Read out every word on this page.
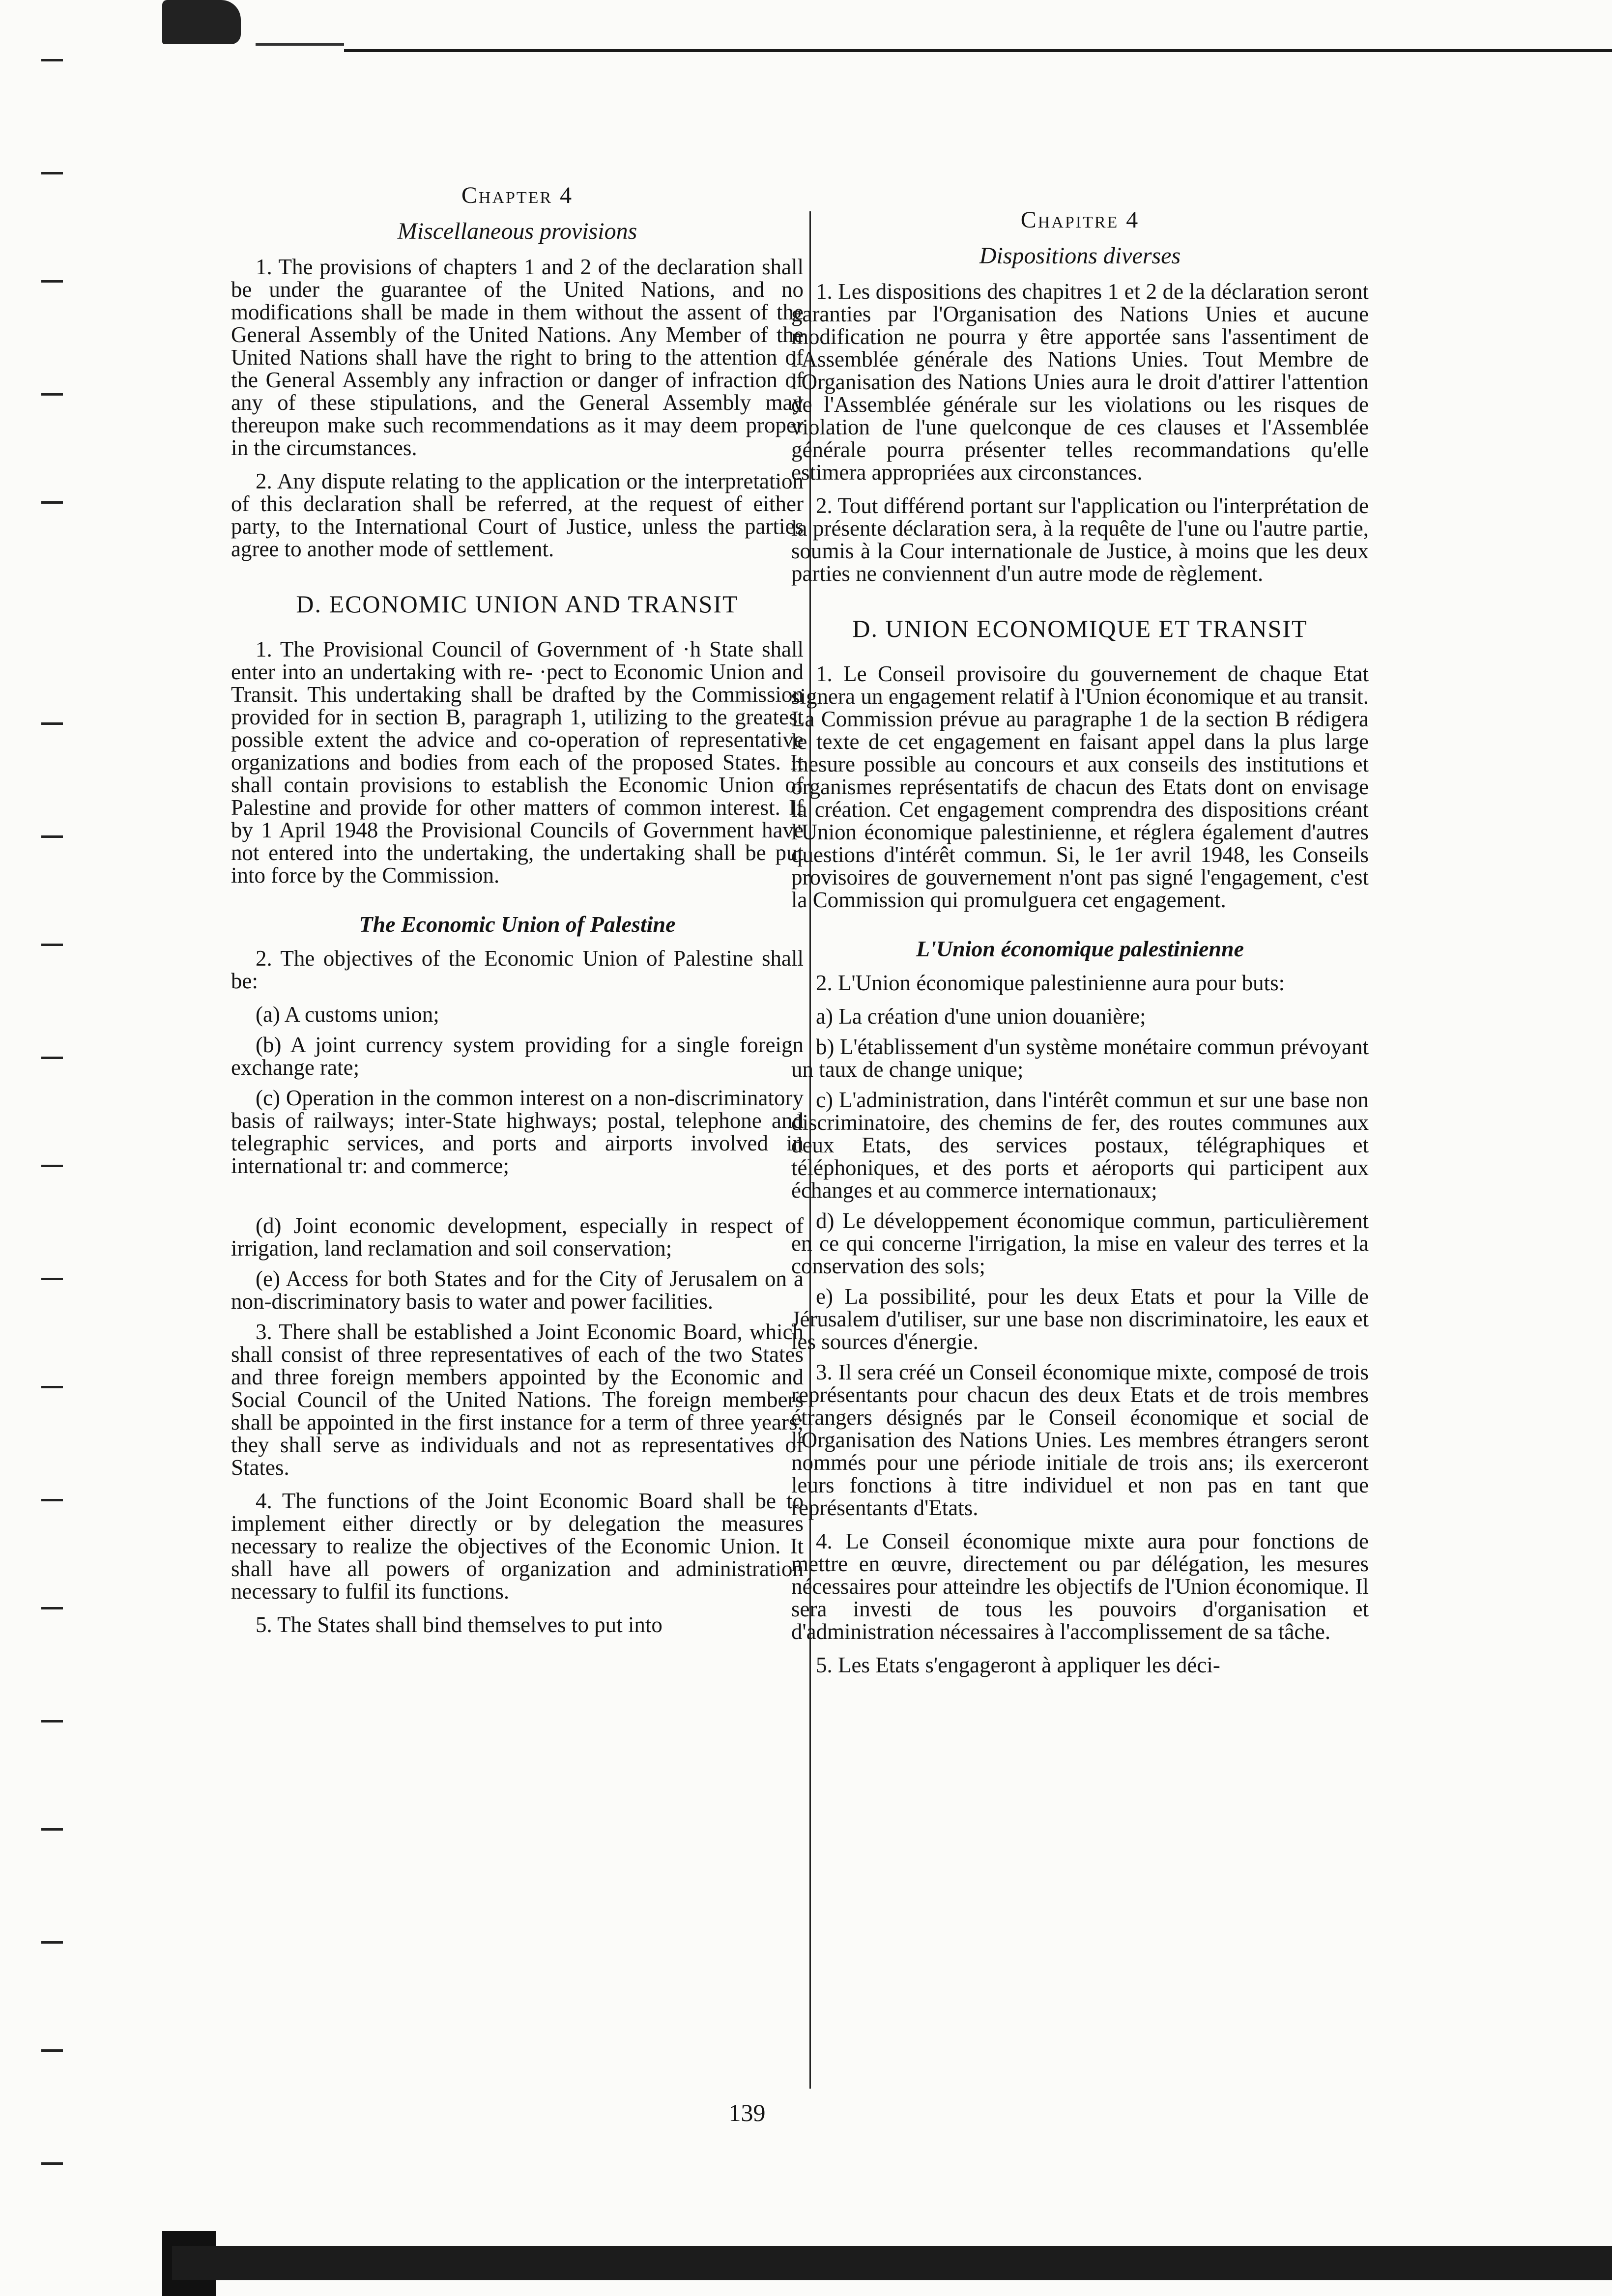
Chapter 4
Miscellaneous provisions

1. The provisions of chapters 1 and 2 of the declaration shall be under the guarantee of the United Nations, and no modifications shall be made in them without the assent of the General Assembly of the United Nations. Any Member of the United Nations shall have the right to bring to the attention of the General Assembly any infraction or danger of infraction of any of these stipulations, and the General Assembly may thereupon make such recommendations as it may deem proper in the circumstances.

2. Any dispute relating to the application or the interpretation of this declaration shall be referred, at the request of either party, to the International Court of Justice, unless the parties agree to another mode of settlement.

D. ECONOMIC UNION AND TRANSIT

1. The Provisional Council of Government of ·h State shall enter into an undertaking with re- ·pect to Economic Union and Transit. This undertaking shall be drafted by the Commission provided for in section B, paragraph 1, utilizing to the greatest possible extent the advice and co-operation of representative organizations and bodies from each of the proposed States. It shall contain provisions to establish the Economic Union of Palestine and provide for other matters of common interest. If by 1 April 1948 the Provisional Councils of Government have not entered into the undertaking, the undertaking shall be put into force by the Commission.

The Economic Union of Palestine

2. The objectives of the Economic Union of Palestine shall be:

(a) A customs union;

(b) A joint currency system providing for a single foreign exchange rate;

(c) Operation in the common interest on a non-discriminatory basis of railways; inter-State highways; postal, telephone and telegraphic services, and ports and airports involved in international tr: and commerce;

(d) Joint economic development, especially in respect of irrigation, land reclamation and soil conservation;

(e) Access for both States and for the City of Jerusalem on a non-discriminatory basis to water and power facilities.

3. There shall be established a Joint Economic Board, which shall consist of three representatives of each of the two States and three foreign members appointed by the Economic and Social Council of the United Nations. The foreign members shall be appointed in the first instance for a term of three years; they shall serve as individuals and not as representatives of States.

4. The functions of the Joint Economic Board shall be to implement either directly or by delegation the measures necessary to realize the objectives of the Economic Union. It shall have all powers of organization and administration necessary to fulfil its functions.

5. The States shall bind themselves to put into

Chapitre 4
Dispositions diverses

1. Les dispositions des chapitres 1 et 2 de la déclaration seront garanties par l'Organisation des Nations Unies et aucune modification ne pourra y être apportée sans l'assentiment de l'Assemblée générale des Nations Unies. Tout Membre de l'Organisation des Nations Unies aura le droit d'attirer l'attention de l'Assemblée générale sur les violations ou les risques de violation de l'une quelconque de ces clauses et l'Assemblée générale pourra présenter telles recommandations qu'elle estimera appropriées aux circonstances.

2. Tout différend portant sur l'application ou l'interprétation de la présente déclaration sera, à la requête de l'une ou l'autre partie, soumis à la Cour internationale de Justice, à moins que les deux parties ne conviennent d'un autre mode de règlement.

D. UNION ECONOMIQUE ET TRANSIT

1. Le Conseil provisoire du gouvernement de chaque Etat signera un engagement relatif à l'Union économique et au transit. La Commission prévue au paragraphe 1 de la section B rédigera le texte de cet engagement en faisant appel dans la plus large mesure possible au concours et aux conseils des institutions et organismes représentatifs de chacun des Etats dont on envisage la création. Cet engagement comprendra des dispositions créant l'Union économique palestinienne, et réglera également d'autres questions d'intérêt commun. Si, le 1er avril 1948, les Conseils provisoires de gouvernement n'ont pas signé l'engagement, c'est la Commission qui promulguera cet engagement.

L'Union économique palestinienne

2. L'Union économique palestinienne aura pour buts:

a) La création d'une union douanière;

b) L'établissement d'un système monétaire commun prévoyant un taux de change unique;

c) L'administration, dans l'intérêt commun et sur une base non discriminatoire, des chemins de fer, des routes communes aux deux Etats, des services postaux, télégraphiques et téléphoniques, et des ports et aéroports qui participent aux échanges et au commerce internationaux;

d) Le développement économique commun, particulièrement en ce qui concerne l'irrigation, la mise en valeur des terres et la conservation des sols;

e) La possibilité, pour les deux Etats et pour la Ville de Jérusalem d'utiliser, sur une base non discriminatoire, les eaux et les sources d'énergie.

3. Il sera créé un Conseil économique mixte, composé de trois représentants pour chacun des deux Etats et de trois membres étrangers désignés par le Conseil économique et social de l'Organisation des Nations Unies. Les membres étrangers seront nommés pour une période initiale de trois ans; ils exerceront leurs fonctions à titre individuel et non pas en tant que représentants d'Etats.

4. Le Conseil économique mixte aura pour fonctions de mettre en œuvre, directement ou par délégation, les mesures nécessaires pour atteindre les objectifs de l'Union économique. Il sera investi de tous les pouvoirs d'organisation et d'administration nécessaires à l'accomplissement de sa tâche.

5. Les Etats s'engageront à appliquer les déci-

139
